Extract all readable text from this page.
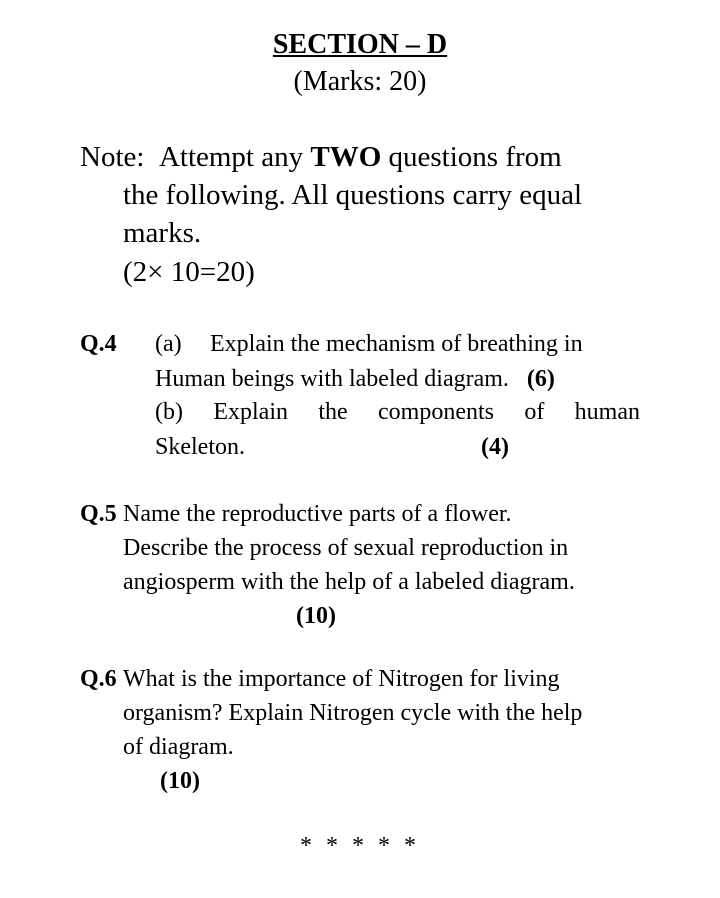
SECTION – D
(Marks: 20)
Note: Attempt any TWO questions from
the following. All questions carry equal
marks.
(2× 10=20)
Q.4 (a) Explain the mechanism of breathing in
Human beings with labeled diagram. (6)
(b) Explain the components of human
Skeleton.	(4)
Q.5 Name the reproductive parts of a flower.
Describe the process of sexual reproduction in
angiosperm with the help of a labeled diagram.
(10)
Q.6 What is the importance of Nitrogen for living
organism? Explain Nitrogen cycle with the help
of diagram.
(10)
* * * * *
